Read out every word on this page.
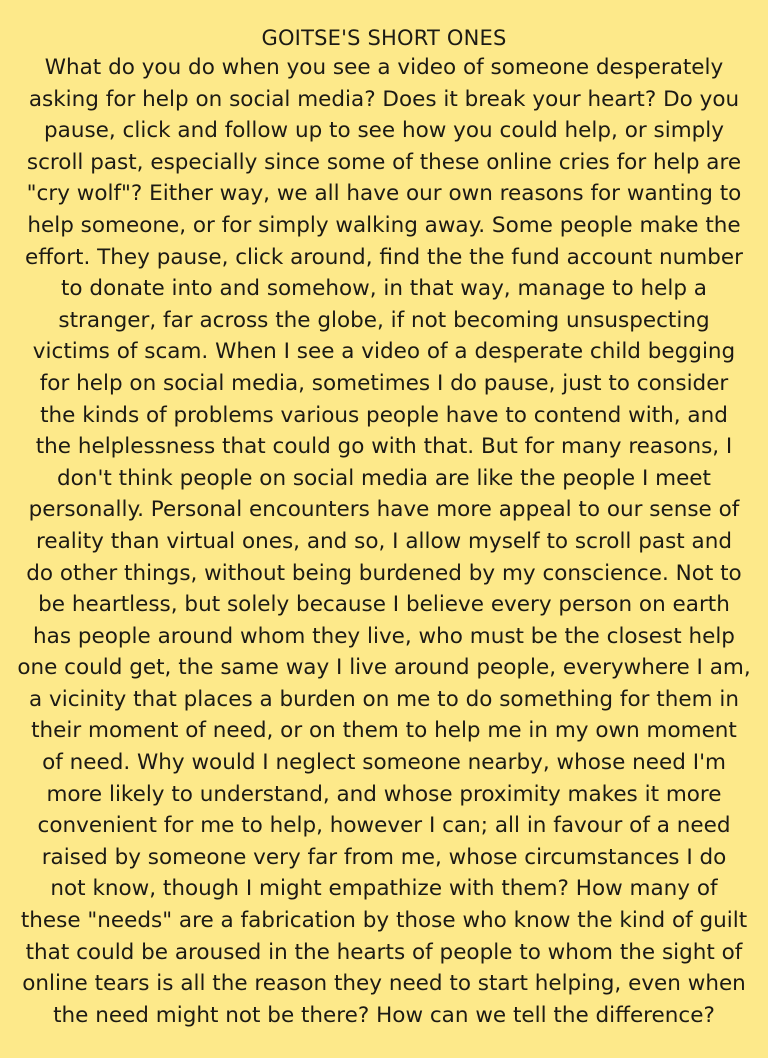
GOITSE'S SHORT ONES

What do you do when you see a video of someone desperately
asking for help on social media? Does it break your heart? Do you
pause, click and follow up to see how you could help, or simply
scroll past, especially since some of these online cries for help are
"cry wolf"? Either way, we all have our own reasons for wanting to
help someone, or for simply walking away. Some people make the
effort. They pause, click around, find the the fund account number
to donate into and somehow, in that way, manage to help a
stranger, far across the globe, if not becoming unsuspecting
victims of scam. When I see a video of a desperate child begging
for help on social media, sometimes I do pause, just to consider
the kinds of problems various people have to contend with, and
the helplessness that could go with that. But for many reasons, I
don't think people on social media are like the people I meet
personally. Personal encounters have more appeal to our sense of
reality than virtual ones, and so, I allow myself to scroll past and
do other things, without being burdened by my conscience. Not to
be heartless, but solely because I believe every person on earth
has people around whom they live, who must be the closest help
one could get, the same way I live around people, everywhere I am,
a vicinity that places a burden on me to do something for them in
their moment of need, or on them to help me in my own moment
of need. Why would I neglect someone nearby, whose need I'm
more likely to understand, and whose proximity makes it more
convenient for me to help, however I can; all in favour of a need
raised by someone very far from me, whose circumstances I do
not know, though I might empathize with them? How many of
these "needs" are a fabrication by those who know the kind of guilt
that could be aroused in the hearts of people to whom the sight of
online tears is all the reason they need to start helping, even when
the need might not be there? How can we tell the difference?
